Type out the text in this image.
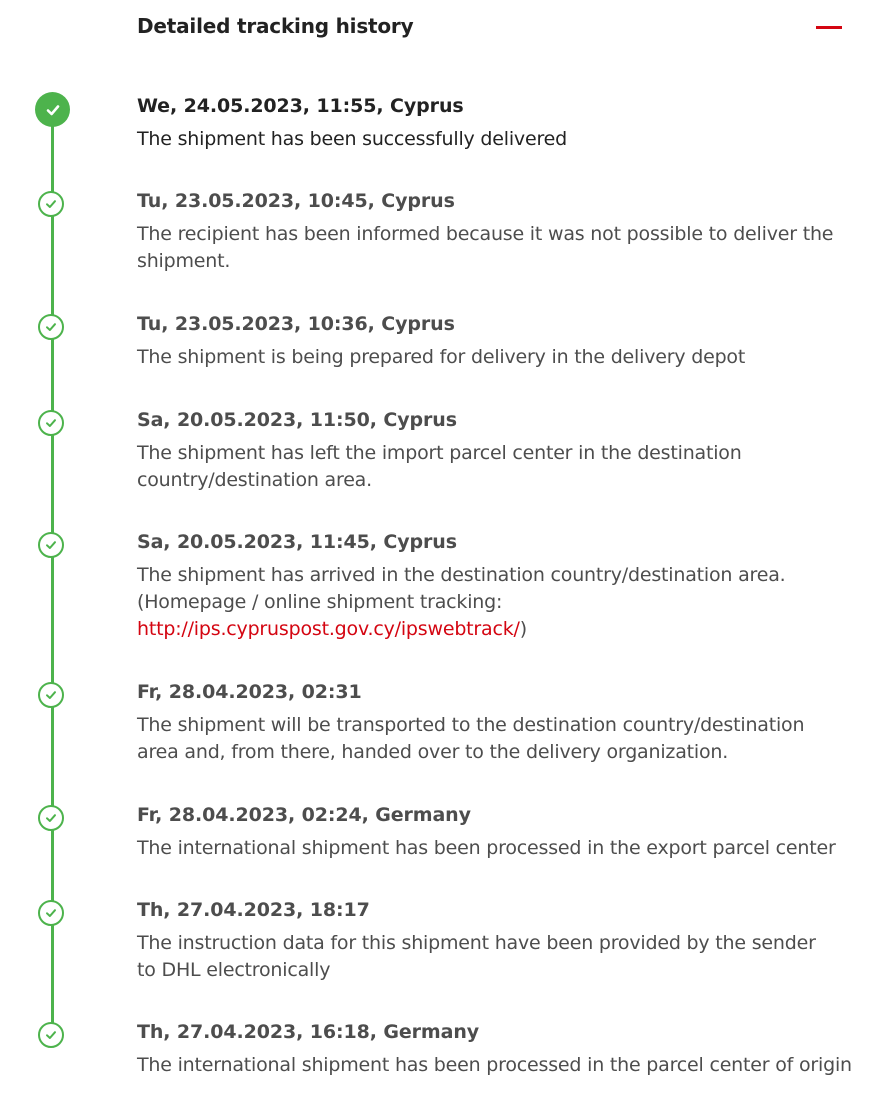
Detailed tracking history
We, 24.05.2023, 11:55, Cyprus
The shipment has been successfully delivered
Tu, 23.05.2023, 10:45, Cyprus
The recipient has been informed because it was not possible to deliver the shipment.
Tu, 23.05.2023, 10:36, Cyprus
The shipment is being prepared for delivery in the delivery depot
Sa, 20.05.2023, 11:50, Cyprus
The shipment has left the import parcel center in the destination country/destination area.
Sa, 20.05.2023, 11:45, Cyprus
The shipment has arrived in the destination country/destination area. (Homepage / online shipment tracking:
http://ips.cypruspost.gov.cy/ipswebtrack/)
Fr, 28.04.2023, 02:31
The shipment will be transported to the destination country/destination area and, from there, handed over to the delivery organization.
Fr, 28.04.2023, 02:24, Germany
The international shipment has been processed in the export parcel center
Th, 27.04.2023, 18:17
The instruction data for this shipment have been provided by the sender to DHL electronically
Th, 27.04.2023, 16:18, Germany
The international shipment has been processed in the parcel center of origin
